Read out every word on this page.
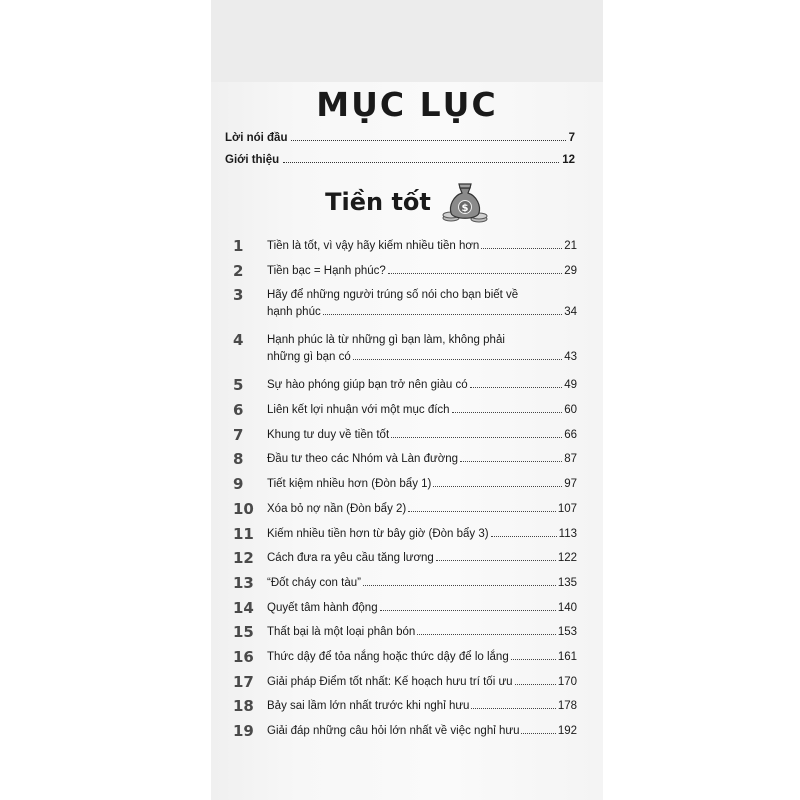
MỤC LỤC
Lời nói đầu	7
Giới thiệu	12
Tiền tốt	$
1	Tiền là tốt, vì vậy hãy kiếm nhiều tiền hơn	21
2	Tiền bạc = Hạnh phúc?	29
3	Hãy để những người trúng số nói cho bạn biết về
hạnh phúc	34
4	Hạnh phúc là từ những gì bạn làm, không phải
những gì bạn có	43
5	Sự hào phóng giúp bạn trở nên giàu có	49
6	Liên kết lợi nhuận với một mục đích	60
7	Khung tư duy về tiền tốt	66
8	Đầu tư theo các Nhóm và Làn đường	87
9	Tiết kiệm nhiều hơn (Đòn bẩy 1)	97
10	Xóa bỏ nợ nần (Đòn bẩy 2)	107
11	Kiếm nhiều tiền hơn từ bây giờ (Đòn bẩy 3)	113
12	Cách đưa ra yêu cầu tăng lương	122
13	“Đốt cháy con tàu”	135
14	Quyết tâm hành động	140
15	Thất bại là một loại phân bón	153
16	Thức dậy để tỏa nắng hoặc thức dậy để lo lắng	161
17	Giải pháp Điểm tốt nhất: Kế hoạch hưu trí tối ưu	170
18	Bảy sai lầm lớn nhất trước khi nghỉ hưu	178
19	Giải đáp những câu hỏi lớn nhất về việc nghỉ hưu	192
